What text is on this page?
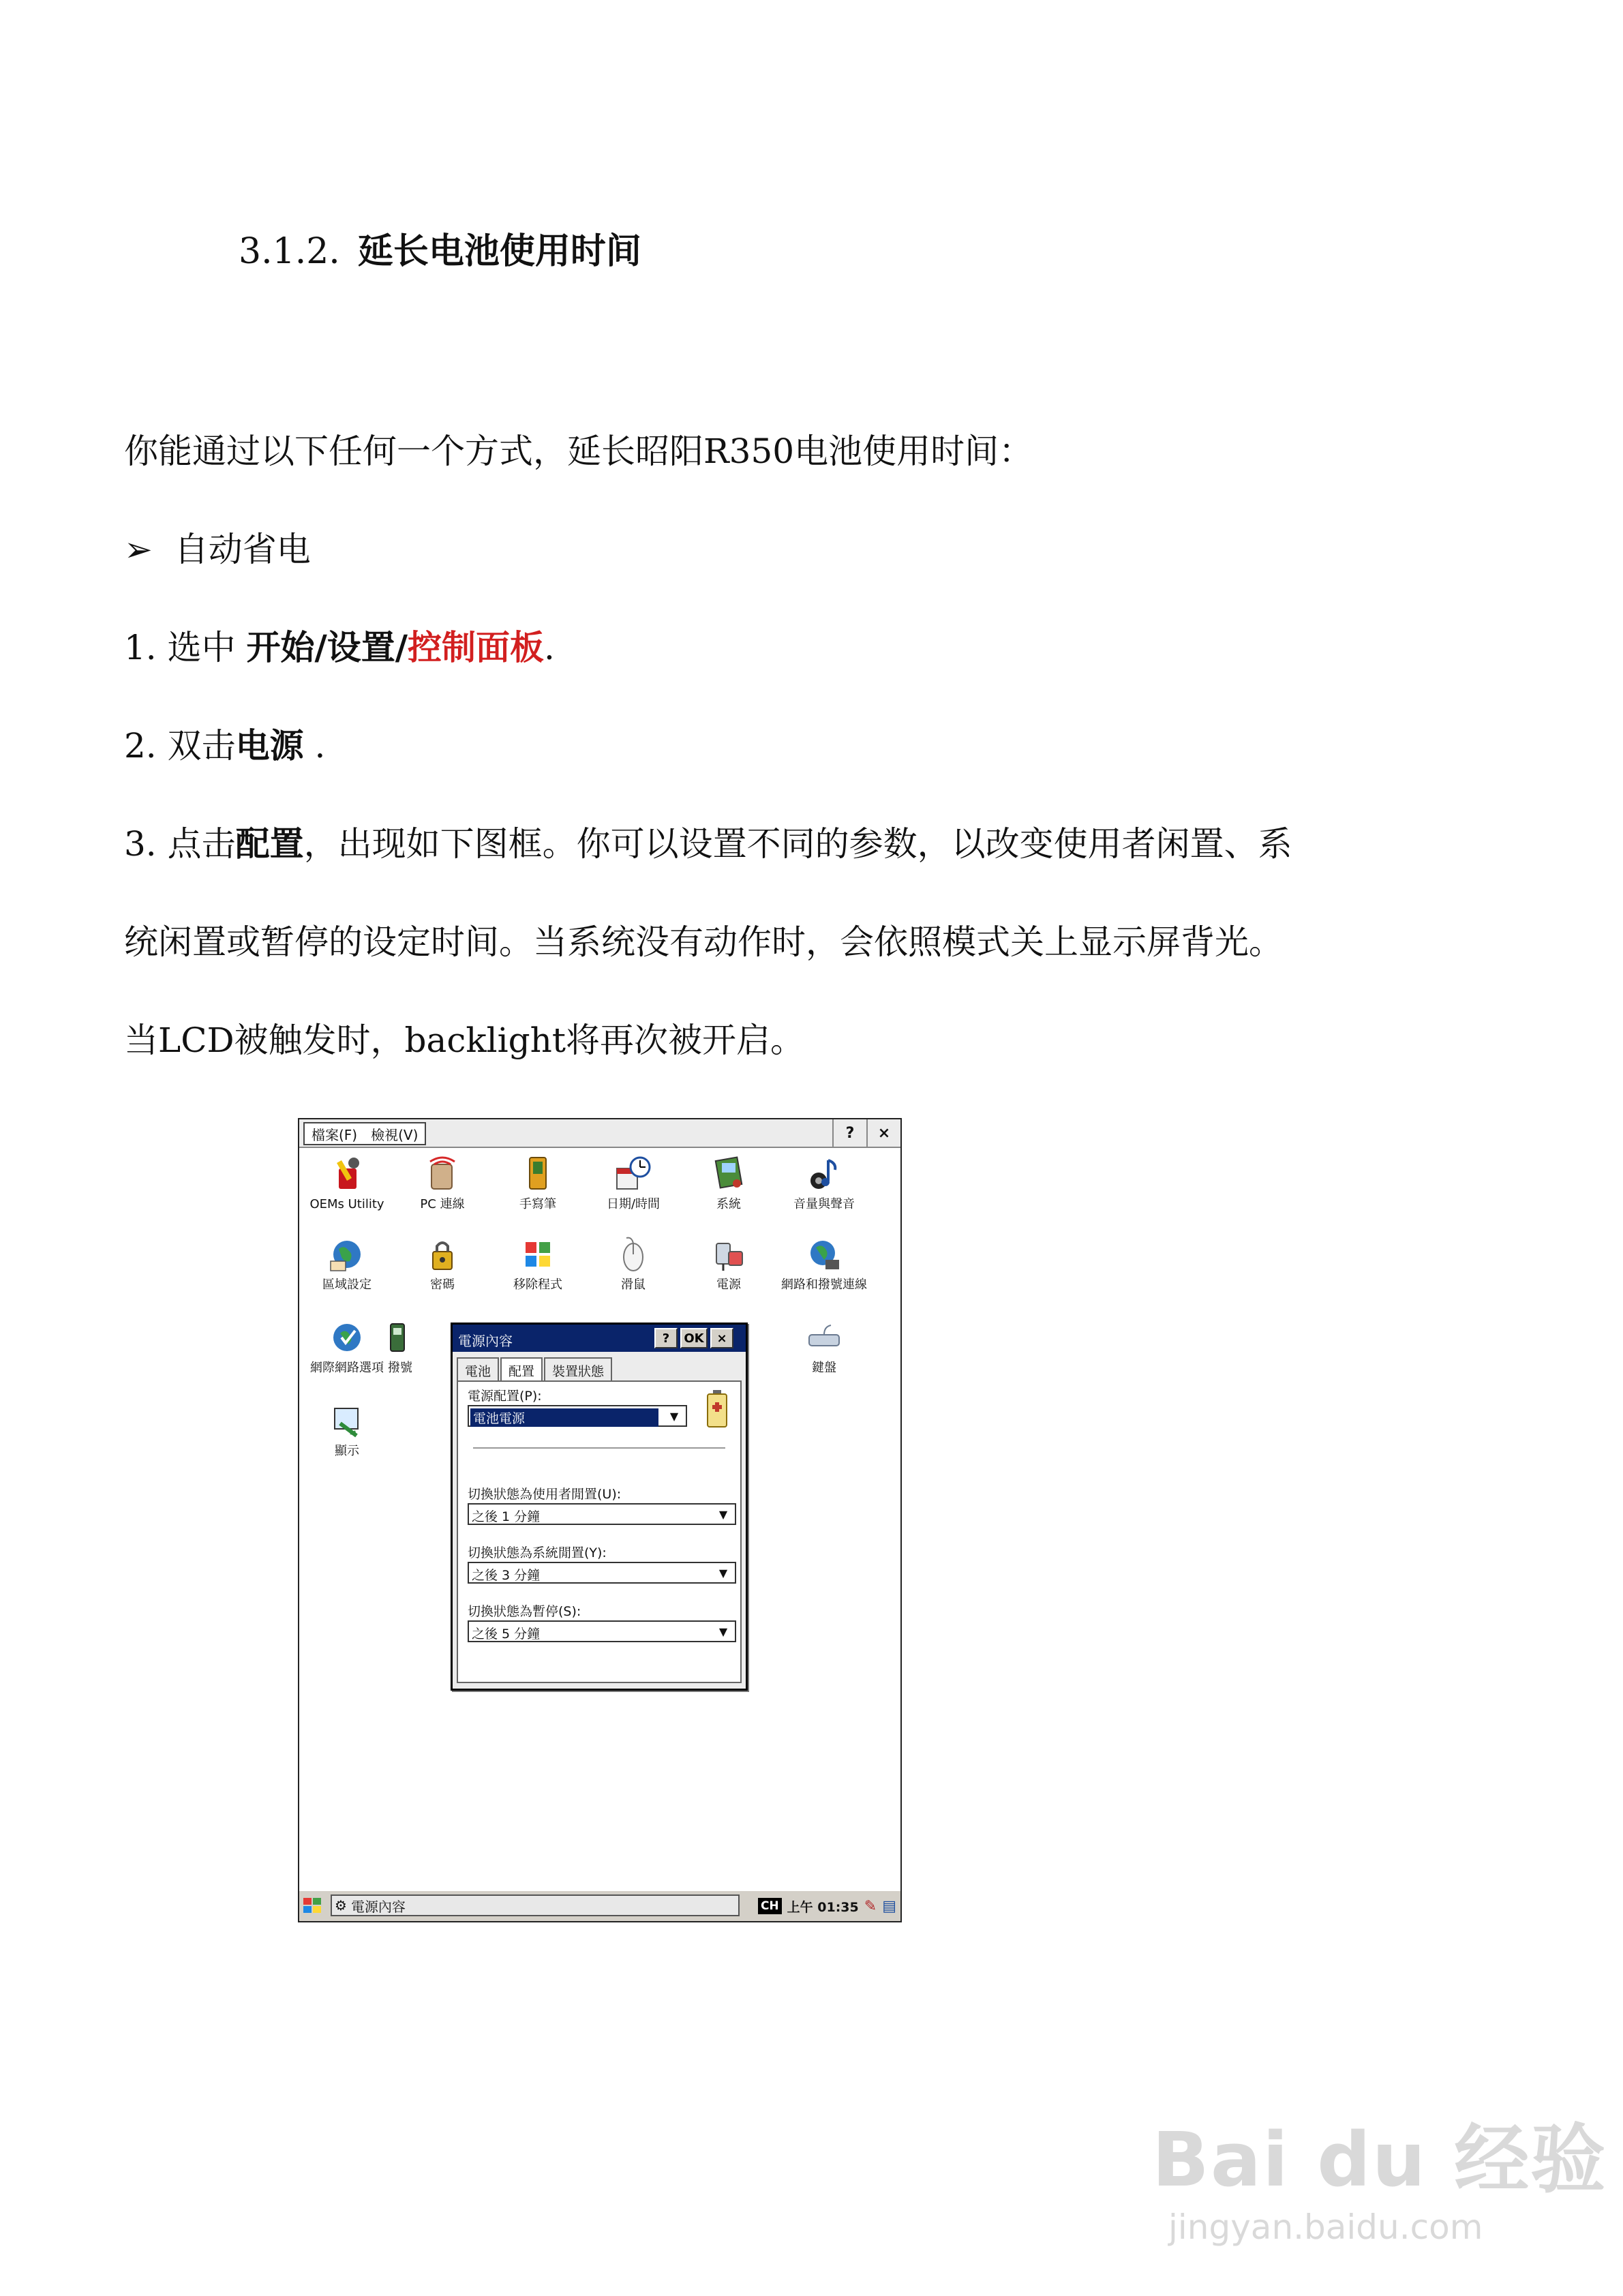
3.1.2. 延长电池使用时间
你能通过以下任何一个方式，延长昭阳R350电池使用时间：
➢ 自动省电
1. 选中 开始/设置/控制面板.
2. 双击电源 .
3. 点击配置，出现如下图框。你可以设置不同的参数，以改变使用者闲置、系
统闲置或暂停的设定时间。当系统没有动作时，会依照模式关上显示屏背光。
当LCD被触发时，backlight将再次被开启。
檔案(F)	檢視(V)	?	×
OEMs Utility	PC 連線	手寫筆	日期/時間	系統	音量與聲音
區域設定	密碼	移除程式	滑鼠	電源	網路和撥號連線
網際網路選項 撥號	鍵盤
顯示
電源內容	?	OK	×
電池	配置	裝置狀態
電源配置(P):
電池電源	▼
切換狀態為使用者閒置(U):
之後 1 分鐘	▼
切換狀態為系統閒置(Y):
之後 3 分鐘	▼
切換狀態為暫停(S):
之後 5 分鐘	▼
⚙ 電源內容	CH 上午 01:35 ✎ ▤
Bai du 经验
jingyan.baidu.com
